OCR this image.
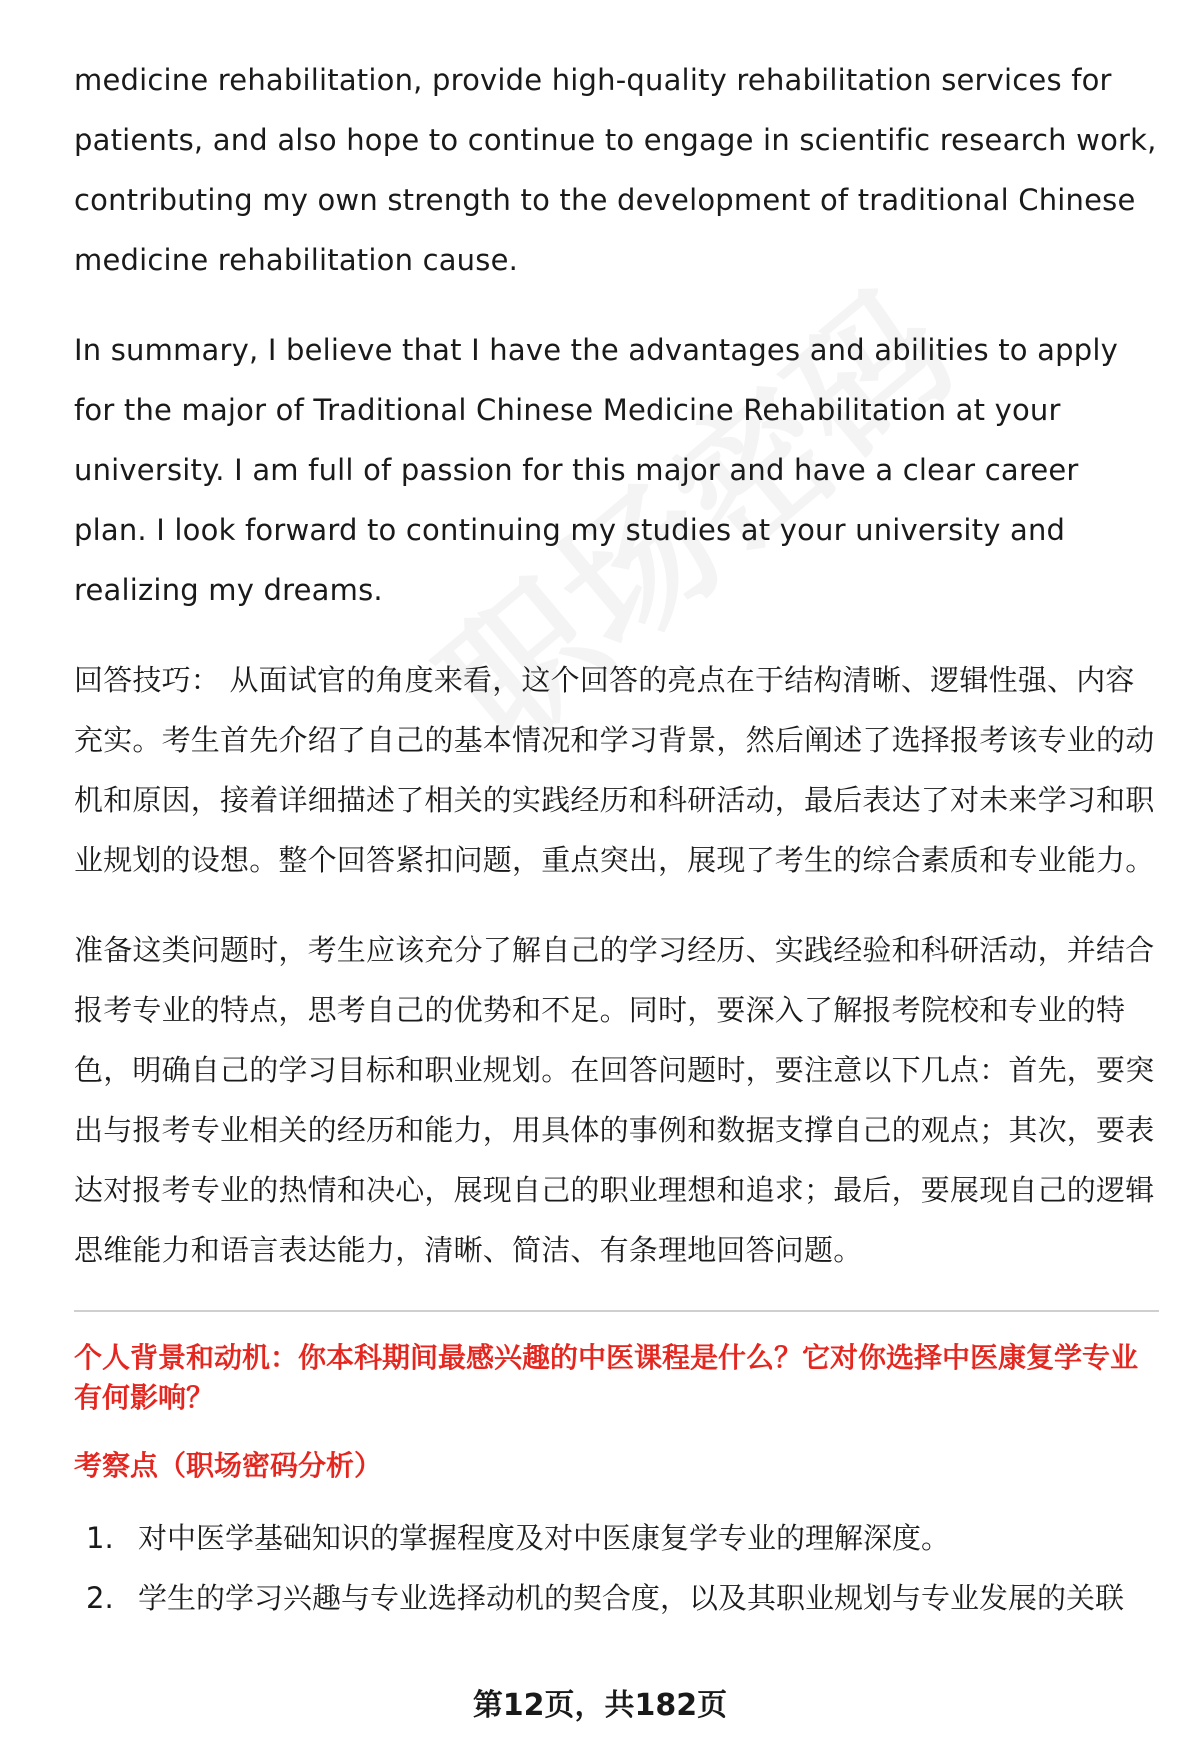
medicine rehabilitation, provide high-quality rehabilitation services for patients, and also hope to continue to engage in scientific research work, contributing my own strength to the development of traditional Chinese medicine rehabilitation cause.

In summary, I believe that I have the advantages and abilities to apply for the major of Traditional Chinese Medicine Rehabilitation at your university. I am full of passion for this major and have a clear career plan. I look forward to continuing my studies at your university and realizing my dreams.

回答技巧： 从面试官的角度来看，这个回答的亮点在于结构清晰、逻辑性强、内容充实。考生首先介绍了自己的基本情况和学习背景，然后阐述了选择报考该专业的动机和原因，接着详细描述了相关的实践经历和科研活动，最后表达了对未来学习和职业规划的设想。整个回答紧扣问题，重点突出，展现了考生的综合素质和专业能力。

准备这类问题时，考生应该充分了解自己的学习经历、实践经验和科研活动，并结合报考专业的特点，思考自己的优势和不足。同时，要深入了解报考院校和专业的特色，明确自己的学习目标和职业规划。在回答问题时，要注意以下几点：首先，要突出与报考专业相关的经历和能力，用具体的事例和数据支撑自己的观点；其次，要表达对报考专业的热情和决心，展现自己的职业理想和追求；最后，要展现自己的逻辑思维能力和语言表达能力，清晰、简洁、有条理地回答问题。

个人背景和动机：你本科期间最感兴趣的中医课程是什么？它对你选择中医康复学专业有何影响？
考察点（职场密码分析）
1. 对中医学基础知识的掌握程度及对中医康复学专业的理解深度。
2. 学生的学习兴趣与专业选择动机的契合度，以及其职业规划与专业发展的关联
第12页，共182页
